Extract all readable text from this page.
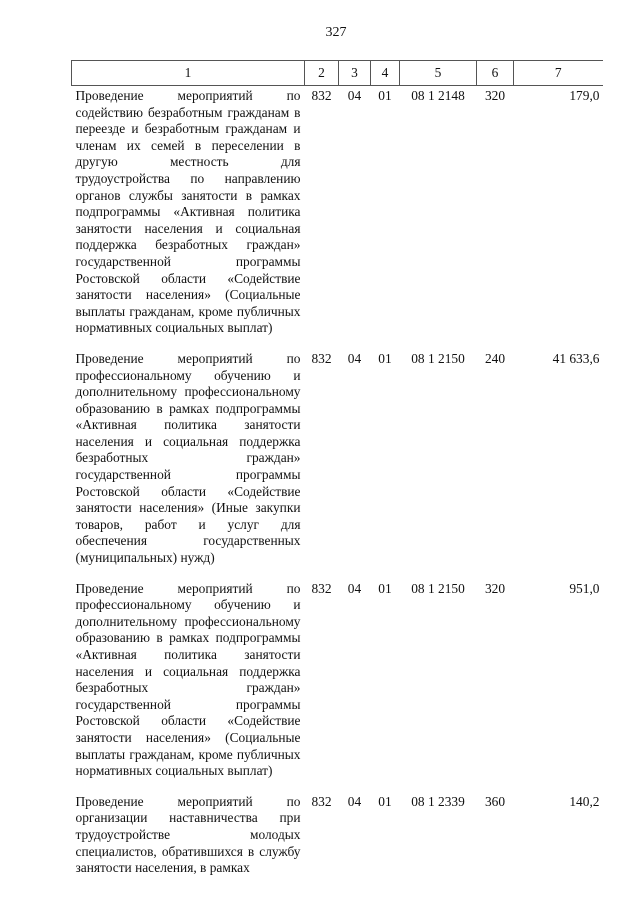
327
1	2	3	4	5	6	7
Проведение мероприятий по содействию безработным гражданам в переезде и безработным гражданам и членам их семей в переселении в другую местность для трудоустройства по направлению органов службы занятости в рамках подпрограммы «Активная политика занятости населения и социальная поддержка безработных граждан» государственной программы Ростовской области «Содействие занятости населения» (Социальные выплаты гражданам, кроме публичных нормативных социальных выплат)	832	04	01	08 1 2148	320	179,0
Проведение мероприятий по профессиональному обучению и дополнительному профессиональному образованию в рамках подпрограммы «Активная политика занятости населения и социальная поддержка безработных граждан» государственной программы Ростовской области «Содействие занятости населения» (Иные закупки товаров, работ и услуг для обеспечения государственных (муниципальных) нужд)	832	04	01	08 1 2150	240	41 633,6
Проведение мероприятий по профессиональному обучению и дополнительному профессиональному образованию в рамках подпрограммы «Активная политика занятости населения и социальная поддержка безработных граждан» государственной программы Ростовской области «Содействие занятости населения» (Социальные выплаты гражданам, кроме публичных нормативных социальных выплат)	832	04	01	08 1 2150	320	951,0
Проведение мероприятий по организации наставничества при трудоустройстве молодых специалистов, обратившихся в службу занятости населения, в рамках	832	04	01	08 1 2339	360	140,2
